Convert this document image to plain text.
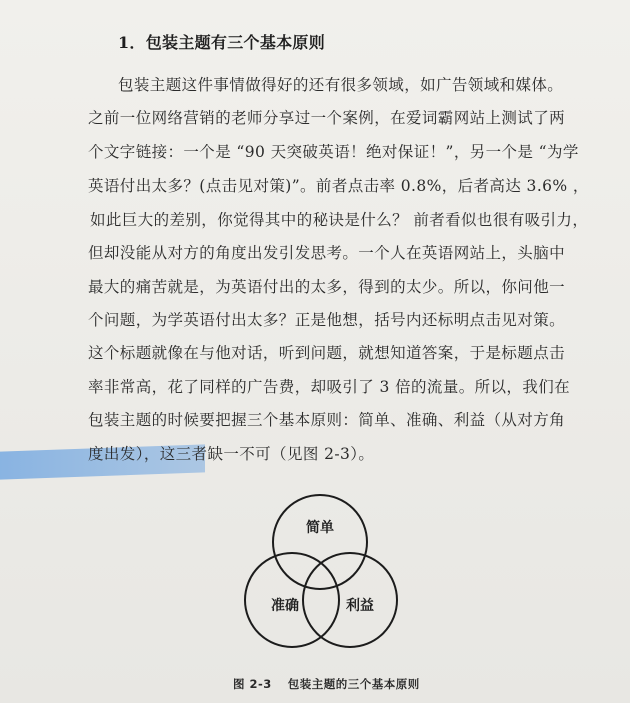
1．包装主题有三个基本原则
包装主题这件事情做得好的还有很多领域，如广告领域和媒体。
之前一位网络营销的老师分享过一个案例，在爱词霸网站上测试了两
个文字链接：一个是 “90 天突破英语！绝对保证！”，另一个是 “为学
英语付出太多？(点击见对策)”。前者点击率 0.8%，后者高达 3.6% ，
如此巨大的差别，你觉得其中的秘诀是什么？ 前者看似也很有吸引力，
但却没能从对方的角度出发引发思考。一个人在英语网站上，头脑中
最大的痛苦就是，为英语付出的太多，得到的太少。所以，你问他一
个问题，为学英语付出太多？正是他想，括号内还标明点击见对策。
这个标题就像在与他对话，听到问题，就想知道答案，于是标题点击
率非常高，花了同样的广告费，却吸引了 3 倍的流量。所以，我们在
包装主题的时候要把握三个基本原则：简单、准确、利益（从对方角
度出发），这三者缺一不可（见图 2-3）。
简单
准确	利益
图 2-3 包装主题的三个基本原则
